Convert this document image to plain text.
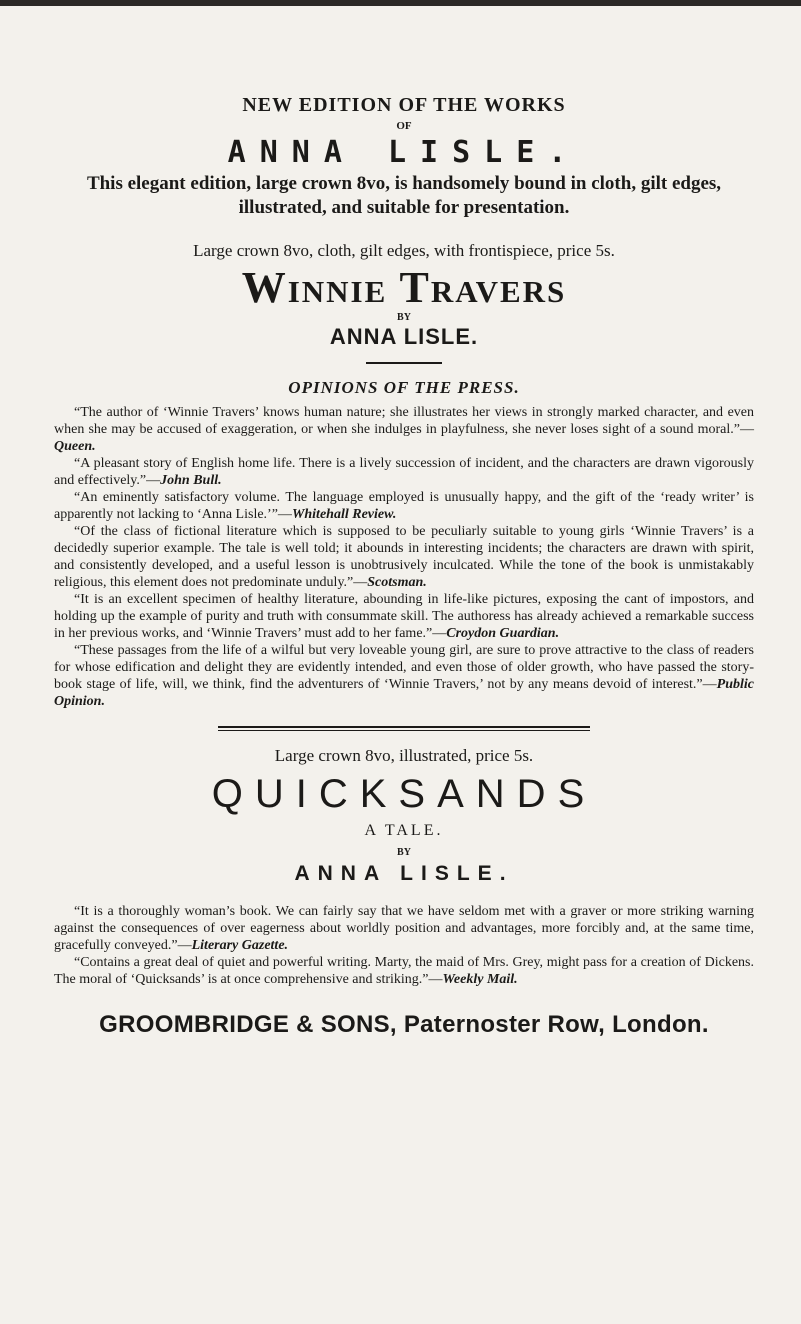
NEW EDITION OF THE WORKS

OF

ANNA LISLE.

This elegant edition, large crown 8vo, is handsomely bound in cloth, gilt edges, illustrated, and suitable for presentation.

Large crown 8vo, cloth, gilt edges, with frontispiece, price 5s.

Winnie Travers

BY

ANNA LISLE.

OPINIONS OF THE PRESS.

“The author of ‘Winnie Travers’ knows human nature; she illustrates her views in strongly marked character, and even when she may be accused of exaggeration, or when she indulges in playfulness, she never loses sight of a sound moral.”—Queen.

“A pleasant story of English home life. There is a lively succession of incident, and the characters are drawn vigorously and effectively.”—John Bull.

“An eminently satisfactory volume. The language employed is unusually happy, and the gift of the ‘ready writer’ is apparently not lacking to ‘Anna Lisle.’”—Whitehall Review.

“Of the class of fictional literature which is supposed to be peculiarly suitable to young girls ‘Winnie Travers’ is a decidedly superior example. The tale is well told; it abounds in interesting incidents; the characters are drawn with spirit, and consistently developed, and a useful lesson is unobtrusively inculcated. While the tone of the book is unmistakably religious, this element does not predominate unduly.”—Scotsman.

“It is an excellent specimen of healthy literature, abounding in life-like pictures, exposing the cant of impostors, and holding up the example of purity and truth with consummate skill. The authoress has already achieved a remarkable success in her previous works, and ‘Winnie Travers’ must add to her fame.”—Croydon Guardian.

“These passages from the life of a wilful but very loveable young girl, are sure to prove attractive to the class of readers for whose edification and delight they are evidently intended, and even those of older growth, who have passed the story-book stage of life, will, we think, find the adventurers of ‘Winnie Travers,’ not by any means devoid of interest.”—Public Opinion.

Large crown 8vo, illustrated, price 5s.

QUICKSANDS

A TALE.

BY

ANNA LISLE.

“It is a thoroughly woman’s book. We can fairly say that we have seldom met with a graver or more striking warning against the consequences of over eagerness about worldly position and advantages, more forcibly and, at the same time, gracefully conveyed.”—Literary Gazette.

“Contains a great deal of quiet and powerful writing. Marty, the maid of Mrs. Grey, might pass for a creation of Dickens. The moral of ‘Quicksands’ is at once comprehensive and striking.”—Weekly Mail.

GROOMBRIDGE & SONS, Paternoster Row, London.
